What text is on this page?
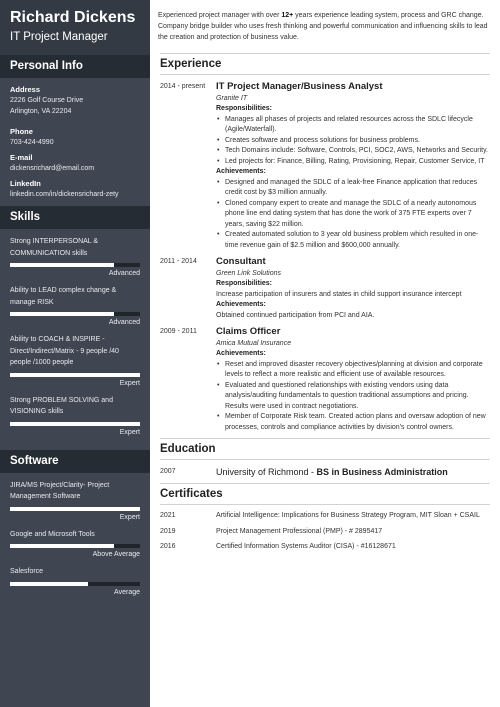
Richard Dickens
IT Project Manager
Personal Info
Address
2226 Golf Course Drive
Arlington, VA 22204
Phone
703-424-4990
E-mail
dickensrichard@email.com
LinkedIn
linkedin.com/in/dickensrichard-zety
Skills
Strong INTERPERSONAL & COMMUNICATION skills
Advanced
Ability to LEAD complex change & manage RISK
Advanced
Ability to COACH & INSPIRE - Direct/Indirect/Matrix - 9 people /40 people /1000 people
Expert
Strong PROBLEM SOLVING and VISIONING skills
Expert
Software
JIRA/MS Project/Clarity- Project Management Software
Expert
Google and Microsoft Tools
Above Average
Salesforce
Average
Experienced project manager with over 12+ years experience leading system, process and GRC change. Company bridge builder who uses fresh thinking and powerful communication and influencing skills to lead the creation and protection of business value.
Experience
2014 - present	IT Project Manager/Business Analyst
Granite IT
Responsibilities:
• Manages all phases of projects and related resources across the SDLC lifecycle (Agile/Waterfall).
• Creates software and process solutions for business problems.
• Tech Domains include: Software, Controls, PCI, SOC2, AWS, Networks and Security.
• Led projects for: Finance, Billing, Rating, Provisioning, Repair, Customer Service, IT
Achievements:
• Designed and managed the SDLC of a leak-free Finance application that reduces credit cost by $3 million annually.
• Cloned company expert to create and manage the SDLC of a nearly autonomous phone line end dating system that has done the work of 375 FTE experts over 7 years, saving $22 million.
• Created automated solution to 3 year old business problem which resulted in one-time revenue gain of $2.5 million and $600,000 annually.
2011 - 2014	Consultant
Green Link Solutions
Responsibilities:
Increase participation of insurers and states in child support insurance intercept
Achievements:
Obtained continued participation from PCI and AIA.
2009 - 2011	Claims Officer
Amica Mutual Insurance
Achievements:
• Reset and improved disaster recovery objectives/planning at division and corporate levels to reflect a more realistic and efficient use of available resources.
• Evaluated and questioned relationships with existing vendors using data analysis/auditing fundamentals to question traditional assumptions and pricing. Results were used in contract negotiations.
• Member of Corporate Risk team. Created action plans and oversaw adoption of new processes, controls and compliance activities by division's control owners.
Education
2007	University of Richmond - BS in Business Administration
Certificates
2021	Artificial Intelligence: Implications for Business Strategy Program, MIT Sloan + CSAIL
2019	Project Management Professional (PMP) - # 2895417
2016	Certified Information Systems Auditor (CISA) - #16128671
